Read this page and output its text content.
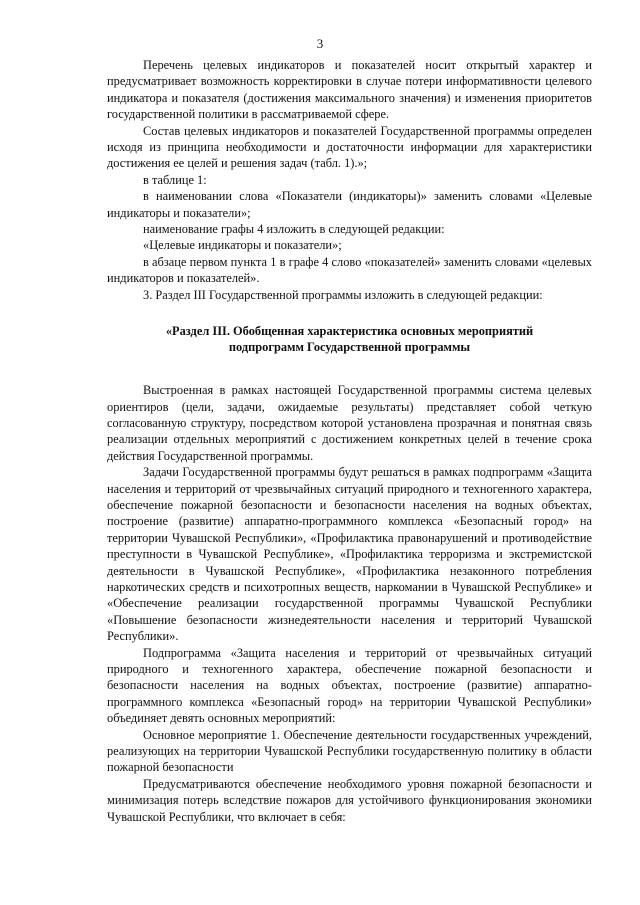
3

Перечень целевых индикаторов и показателей носит открытый характер и предусматривает возможность корректировки в случае потери информативности целевого индикатора и показателя (достижения максимального значения) и изменения приоритетов государственной политики в рассматриваемой сфере.

Состав целевых индикаторов и показателей Государственной программы определен исходя из принципа необходимости и достаточности информации для характеристики достижения ее целей и решения задач (табл. 1).»;

в таблице 1:

в наименовании слова «Показатели (индикаторы)» заменить словами «Целевые индикаторы и показатели»;

наименование графы 4 изложить в следующей редакции:

«Целевые индикаторы и показатели»;

в абзаце первом пункта 1 в графе 4 слово «показателей» заменить словами «целевых индикаторов и показателей».

3. Раздел III Государственной программы изложить в следующей редакции:

«Раздел III. Обобщенная характеристика основных мероприятий
подпрограмм Государственной программы

Выстроенная в рамках настоящей Государственной программы система целевых ориентиров (цели, задачи, ожидаемые результаты) представляет собой четкую согласованную структуру, посредством которой установлена прозрачная и понятная связь реализации отдельных мероприятий с достижением конкретных целей в течение срока действия Государственной программы.

Задачи Государственной программы будут решаться в рамках подпрограмм «Защита населения и территорий от чрезвычайных ситуаций природного и техногенного характера, обеспечение пожарной безопасности и безопасности населения на водных объектах, построение (развитие) аппаратно-программного комплекса «Безопасный город» на территории Чувашской Республики», «Профилактика правонарушений и противодействие преступности в Чувашской Республике», «Профилактика терроризма и экстремистской деятельности в Чувашской Республике», «Профилактика незаконного потребления наркотических средств и психотропных веществ, наркомании в Чувашской Республике» и «Обеспечение реализации государственной программы Чувашской Республики «Повышение безопасности жизнедеятельности населения и территорий Чувашской Республики».

Подпрограмма «Защита населения и территорий от чрезвычайных ситуаций природного и техногенного характера, обеспечение пожарной безопасности и безопасности населения на водных объектах, построение (развитие) аппаратно-программного комплекса «Безопасный город» на территории Чувашской Республики» объединяет девять основных мероприятий:

Основное мероприятие 1. Обеспечение деятельности государственных учреждений, реализующих на территории Чувашской Республики государственную политику в области пожарной безопасности

Предусматриваются обеспечение необходимого уровня пожарной безопасности и минимизация потерь вследствие пожаров для устойчивого функционирования экономики Чувашской Республики, что включает в себя:
